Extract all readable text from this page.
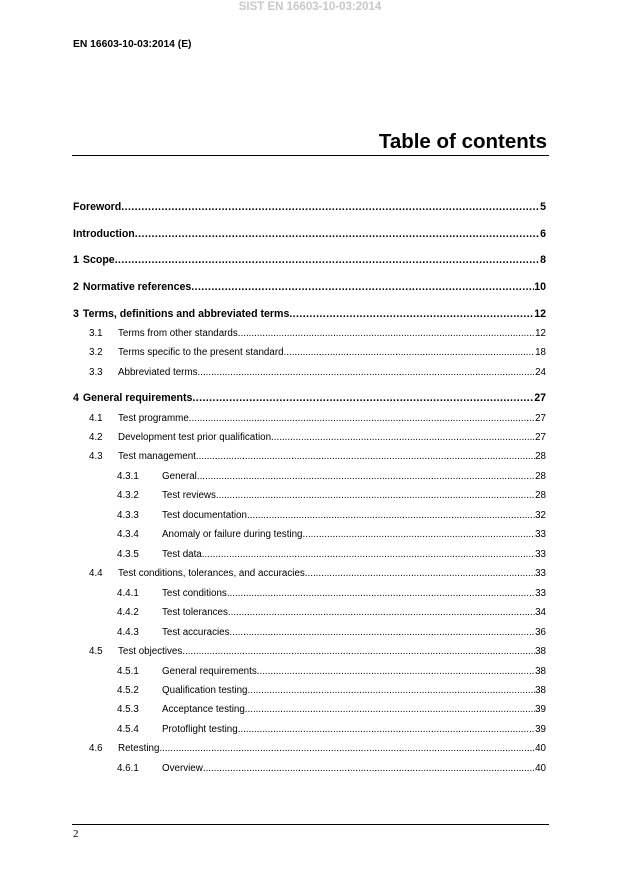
SIST EN 16603-10-03:2014
EN 16603-10-03:2014 (E)
Table of contents
Foreword .....	5
Introduction .....	6
1 Scope .....	8
2 Normative references .....	10
3 Terms, definitions and abbreviated terms .....	12
3.1	Terms from other standards .....	12
3.2	Terms specific to the present standard .....	18
3.3	Abbreviated terms .....	24
4 General requirements .....	27
4.1	Test programme .....	27
4.2	Development test prior qualification .....	27
4.3	Test management .....	28
4.3.1	General .....	28
4.3.2	Test reviews .....	28
4.3.3	Test documentation .....	32
4.3.4	Anomaly or failure during testing .....	33
4.3.5	Test data .....	33
4.4	Test conditions, tolerances, and accuracies .....	33
4.4.1	Test conditions .....	33
4.4.2	Test tolerances .....	34
4.4.3	Test accuracies .....	36
4.5	Test objectives .....	38
4.5.1	General requirements .....	38
4.5.2	Qualification testing .....	38
4.5.3	Acceptance testing .....	39
4.5.4	Protoflight testing .....	39
4.6	Retesting .....	40
4.6.1	Overview .....	40
2
